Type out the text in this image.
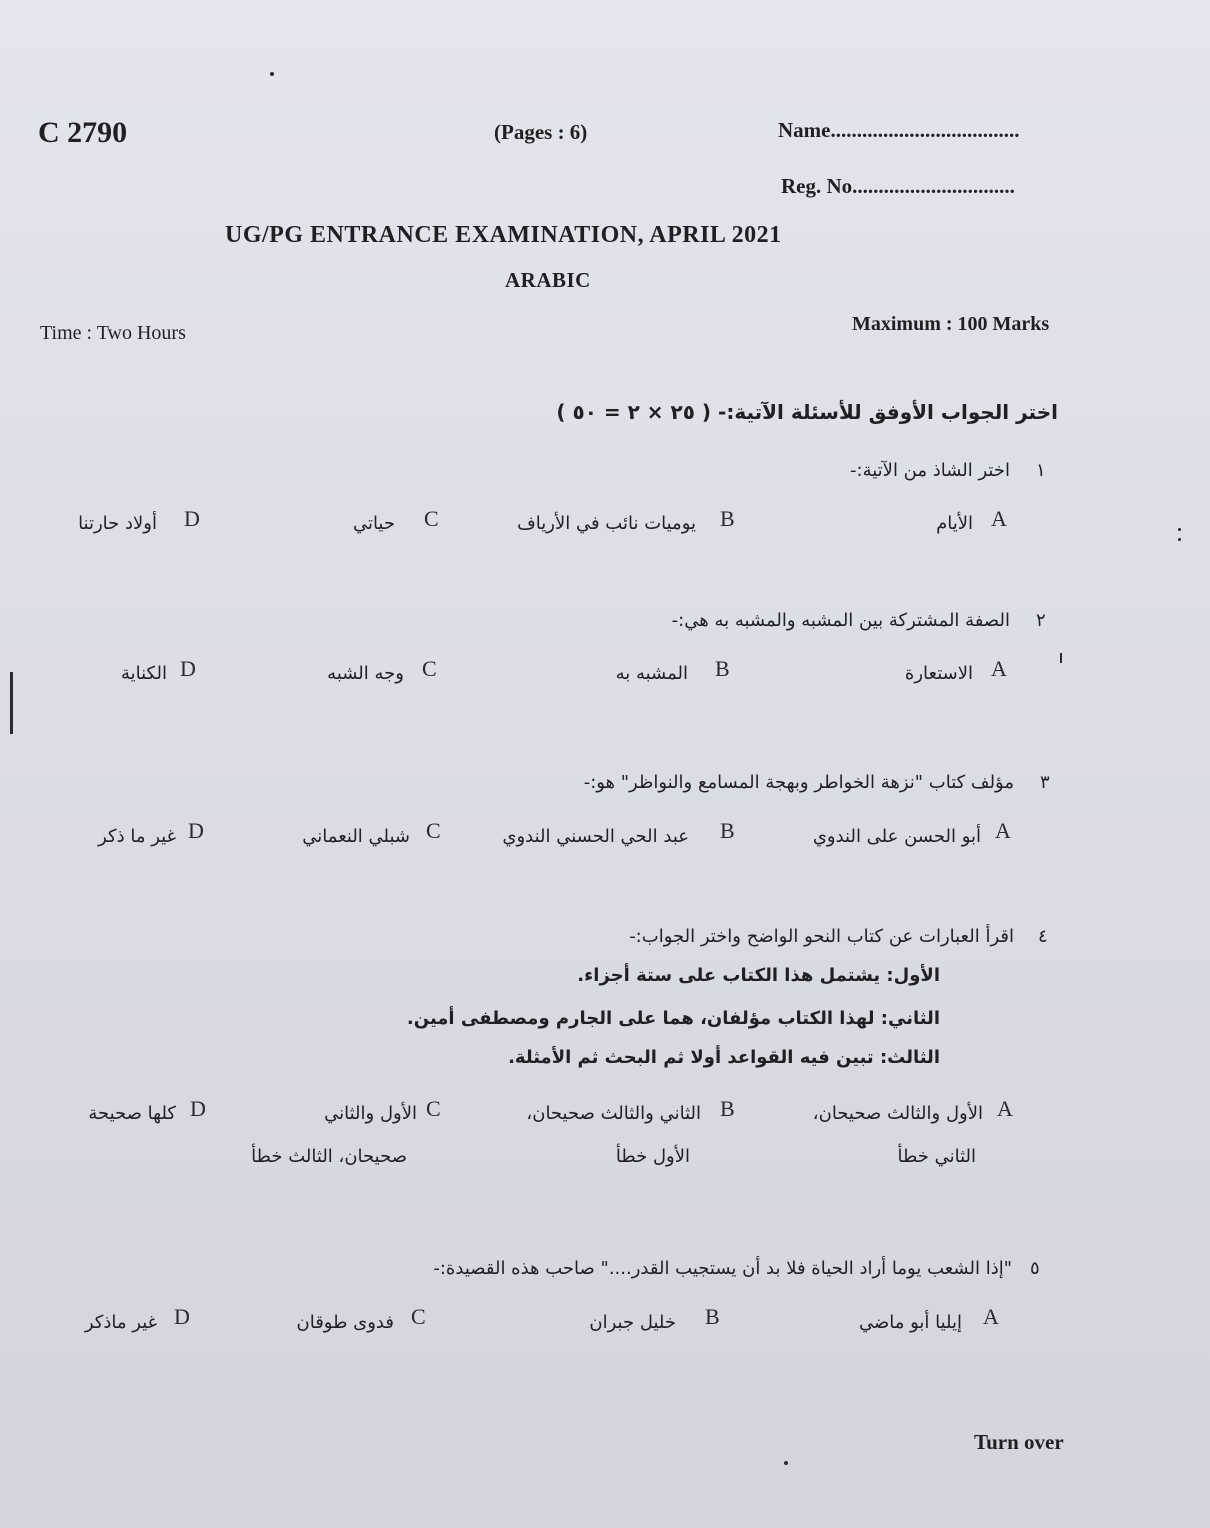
C 2790	(Pages : 6)	Name....................................
Reg. No...............................
UG/PG ENTRANCE EXAMINATION, APRIL 2021
ARABIC
Time : Two Hours	Maximum : 100 Marks
اختر الجواب الأوفق للأسئلة الآتية:- ( ٢٥ × ٢ = ٥٠ )
١
اختر الشاذ من الآتية:-
A
الأيام
B
يوميات نائب في الأرياف
C
حياتي
D
أولاد حارتنا
٢
الصفة المشتركة بين المشبه والمشبه به هي:-
A
الاستعارة
B
المشبه به
C
وجه الشبه
D
الكناية
٣
مؤلف كتاب "نزهة الخواطر وبهجة المسامع والنواظر" هو:-
A
أبو الحسن على الندوي
B
عبد الحي الحسني الندوي
C
شبلي النعماني
D
غير ما ذكر
٤
اقرأ العبارات عن كتاب النحو الواضح واختر الجواب:-
الأول: يشتمل هذا الكتاب على ستة أجزاء.
الثاني: لهذا الكتاب مؤلفان، هما على الجارم ومصطفى أمين.
الثالث: تبين فيه القواعد أولا ثم البحث ثم الأمثلة.
A
الأول والثالث صحيحان،
الثاني خطأ
B
الثاني والثالث صحيحان،
الأول خطأ
C
الأول والثاني
صحيحان، الثالث خطأ
D
كلها صحيحة
٥
"إذا الشعب يوما أراد الحياة فلا بد أن يستجيب القدر...." صاحب هذه القصيدة:-
A
إيليا أبو ماضي
B
خليل جبران
C
فدوى طوقان
D
غير ماذكر
Turn over
